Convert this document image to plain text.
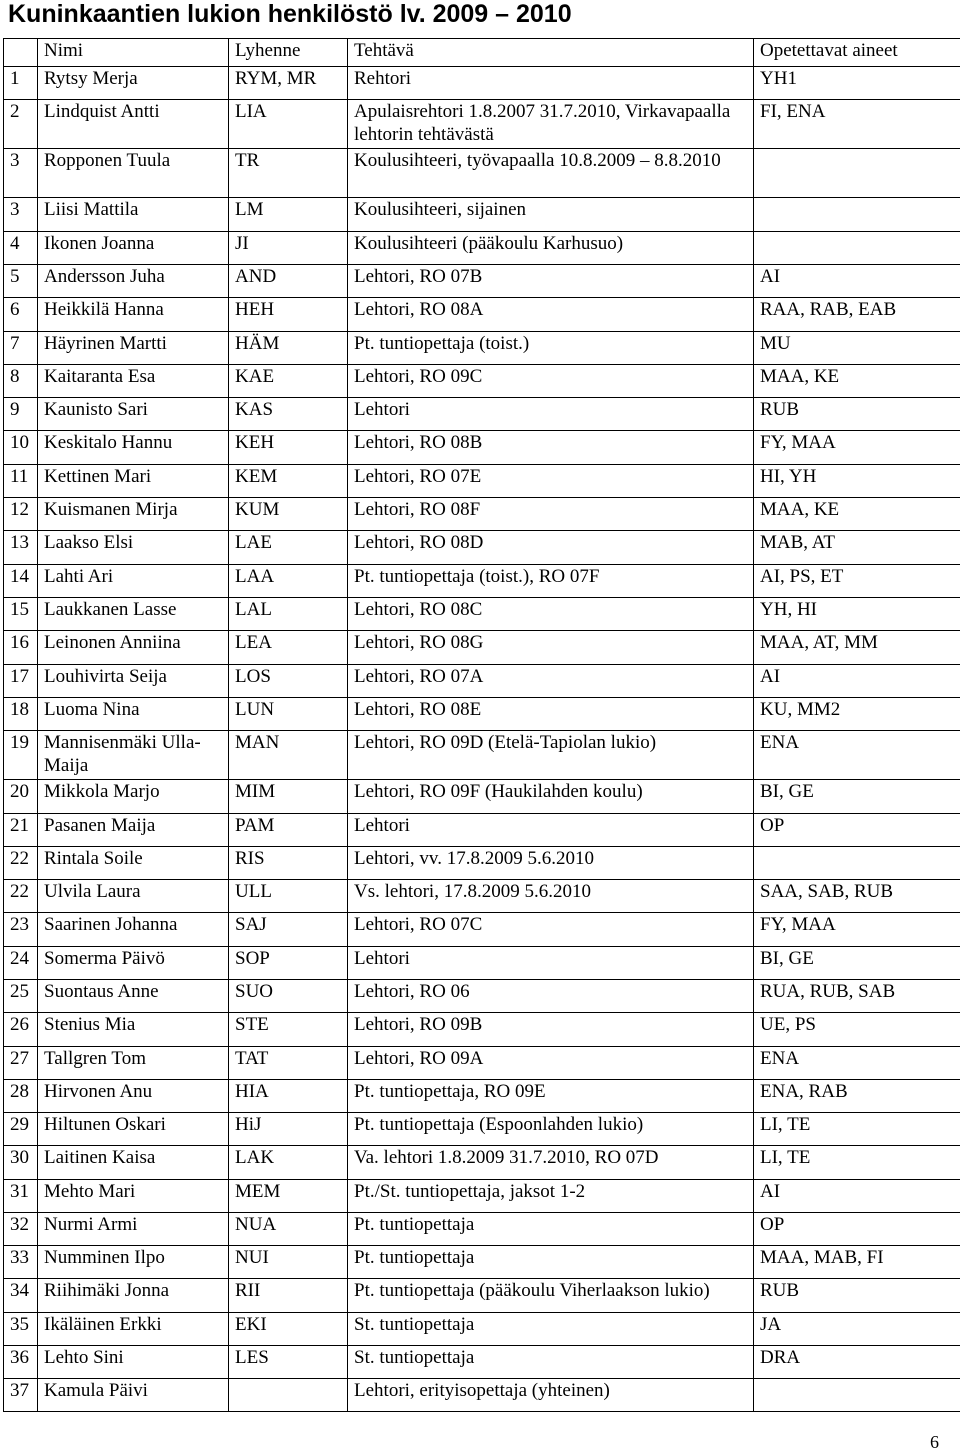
Kuninkaantien lukion henkilöstö lv. 2009 – 2010
	Nimi	Lyhenne	Tehtävä	Opetettavat aineet
1	Rytsy Merja	RYM, MR	Rehtori	YH1
2	Lindquist Antti	LIA	Apulaisrehtori 1.8.2007 31.7.2010, Virkavapaalla lehtorin tehtävästä	FI, ENA
3	Ropponen Tuula	TR	Koulusihteeri, työvapaalla 10.8.2009 – 8.8.2010	
3	Liisi Mattila	LM	Koulusihteeri, sijainen	
4	Ikonen Joanna	JI	Koulusihteeri (pääkoulu Karhusuo)	
5	Andersson Juha	AND	Lehtori, RO 07B	AI
6	Heikkilä Hanna	HEH	Lehtori, RO 08A	RAA, RAB, EAB
7	Häyrinen Martti	HÄM	Pt. tuntiopettaja (toist.)	MU
8	Kaitaranta Esa	KAE	Lehtori, RO 09C	MAA, KE
9	Kaunisto Sari	KAS	Lehtori	RUB
10	Keskitalo Hannu	KEH	Lehtori, RO 08B	FY, MAA
11	Kettinen Mari	KEM	Lehtori, RO 07E	HI, YH
12	Kuismanen Mirja	KUM	Lehtori, RO 08F	MAA, KE
13	Laakso Elsi	LAE	Lehtori, RO 08D	MAB, AT
14	Lahti Ari	LAA	Pt. tuntiopettaja (toist.), RO 07F	AI, PS, ET
15	Laukkanen Lasse	LAL	Lehtori, RO 08C	YH, HI
16	Leinonen Anniina	LEA	Lehtori, RO 08G	MAA, AT, MM
17	Louhivirta Seija	LOS	Lehtori, RO 07A	AI
18	Luoma Nina	LUN	Lehtori, RO 08E	KU, MM2
19	Mannisenmäki Ulla-Maija	MAN	Lehtori, RO 09D (Etelä-Tapiolan lukio)	ENA
20	Mikkola Marjo	MIM	Lehtori, RO 09F (Haukilahden koulu)	BI, GE
21	Pasanen Maija	PAM	Lehtori	OP
22	Rintala Soile	RIS	Lehtori, vv. 17.8.2009 5.6.2010	
22	Ulvila Laura	ULL	Vs. lehtori, 17.8.2009 5.6.2010	SAA, SAB, RUB
23	Saarinen Johanna	SAJ	Lehtori, RO 07C	FY, MAA
24	Somerma Päivö	SOP	Lehtori	BI, GE
25	Suontaus Anne	SUO	Lehtori, RO 06	RUA, RUB, SAB
26	Stenius Mia	STE	Lehtori, RO 09B	UE, PS
27	Tallgren Tom	TAT	Lehtori, RO 09A	ENA
28	Hirvonen Anu	HIA	Pt. tuntiopettaja, RO 09E	ENA, RAB
29	Hiltunen Oskari	HiJ	Pt. tuntiopettaja (Espoonlahden lukio)	LI, TE
30	Laitinen Kaisa	LAK	Va. lehtori 1.8.2009 31.7.2010, RO 07D	LI, TE
31	Mehto Mari	MEM	Pt./St. tuntiopettaja, jaksot 1-2	AI
32	Nurmi Armi	NUA	Pt. tuntiopettaja	OP
33	Numminen Ilpo	NUI	Pt. tuntiopettaja	MAA, MAB, FI
34	Riihimäki Jonna	RII	Pt. tuntiopettaja (pääkoulu Viherlaakson lukio)	RUB
35	Ikäläinen Erkki	EKI	St. tuntiopettaja	JA
36	Lehto Sini	LES	St. tuntiopettaja	DRA
37	Kamula Päivi		Lehtori, erityisopettaja (yhteinen)	
6
